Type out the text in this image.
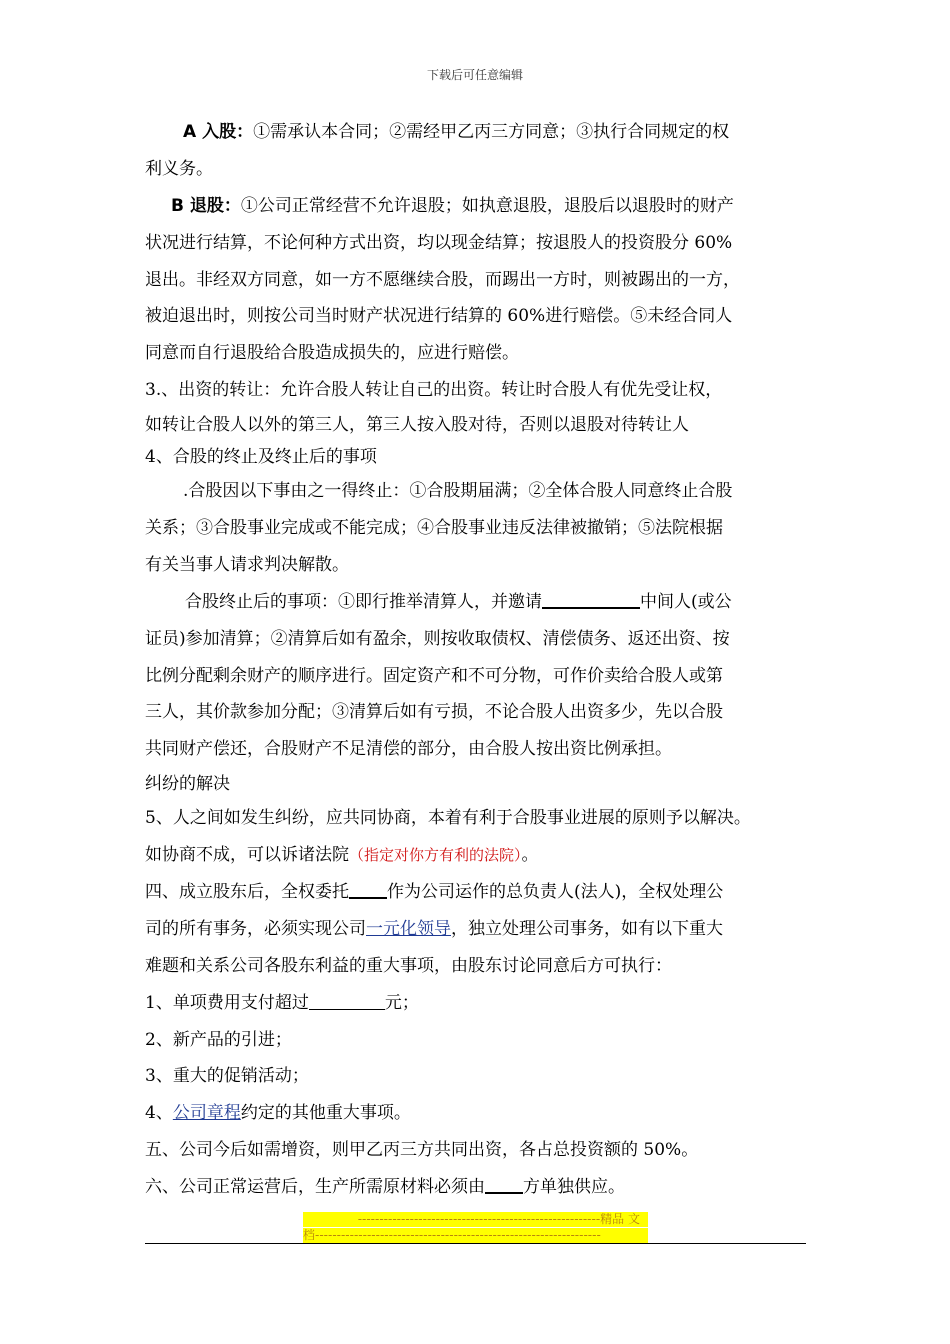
下载后可任意编辑
A 入股：①需承认本合同；②需经甲乙丙三方同意；③执行合同规定的权
利义务。
B 退股：①公司正常经营不允许退股；如执意退股，退股后以退股时的财产
状况进行结算，不论何种方式出资，均以现金结算；按退股人的投资股分 60%
退出。非经双方同意，如一方不愿继续合股，而踢出一方时，则被踢出的一方，
被迫退出时，则按公司当时财产状况进行结算的 60%进行赔偿。⑤未经合同人
同意而自行退股给合股造成损失的，应进行赔偿。
3.、出资的转让：允许合股人转让自己的出资。转让时合股人有优先受让权，
如转让合股人以外的第三人，第三人按入股对待，否则以退股对待转让人
4、合股的终止及终止后的事项
.合股因以下事由之一得终止：①合股期届满；②全体合股人同意终止合股
关系；③合股事业完成或不能完成；④合股事业违反法律被撤销；⑤法院根据
有关当事人请求判决解散。
合股终止后的事项：①即行推举清算人，并邀请	中间人(或公
证员)参加清算；②清算后如有盈余，则按收取债权、清偿债务、返还出资、按
比例分配剩余财产的顺序进行。固定资产和不可分物，可作价卖给合股人或第
三人，其价款参加分配；③清算后如有亏损，不论合股人出资多少，先以合股
共同财产偿还，合股财产不足清偿的部分，由合股人按出资比例承担。
纠纷的解决
5、人之间如发生纠纷，应共同协商，本着有利于合股事业进展的原则予以解决。
如协商不成，可以诉诸法院（指定对你方有利的法院）。
四、成立股东后，全权委托 作为公司运作的总负责人(法人)，全权处理公
司的所有事务，必须实现公司一元化领导，独立处理公司事务，如有以下重大
难题和关系公司各股东利益的重大事项，由股东讨论同意后方可执行：
1、单项费用支付超过	元；
2、新产品的引进；
3、重大的促销活动；
4、公司章程约定的其他重大事项。
五、公司今后如需增资，则甲乙丙三方共同出资，各占总投资额的 50%。
六、公司正常运营后，生产所需原材料必须由 方单独供应。
--------------------------------------------------------精品 文
档------------------------------------------------------------------
